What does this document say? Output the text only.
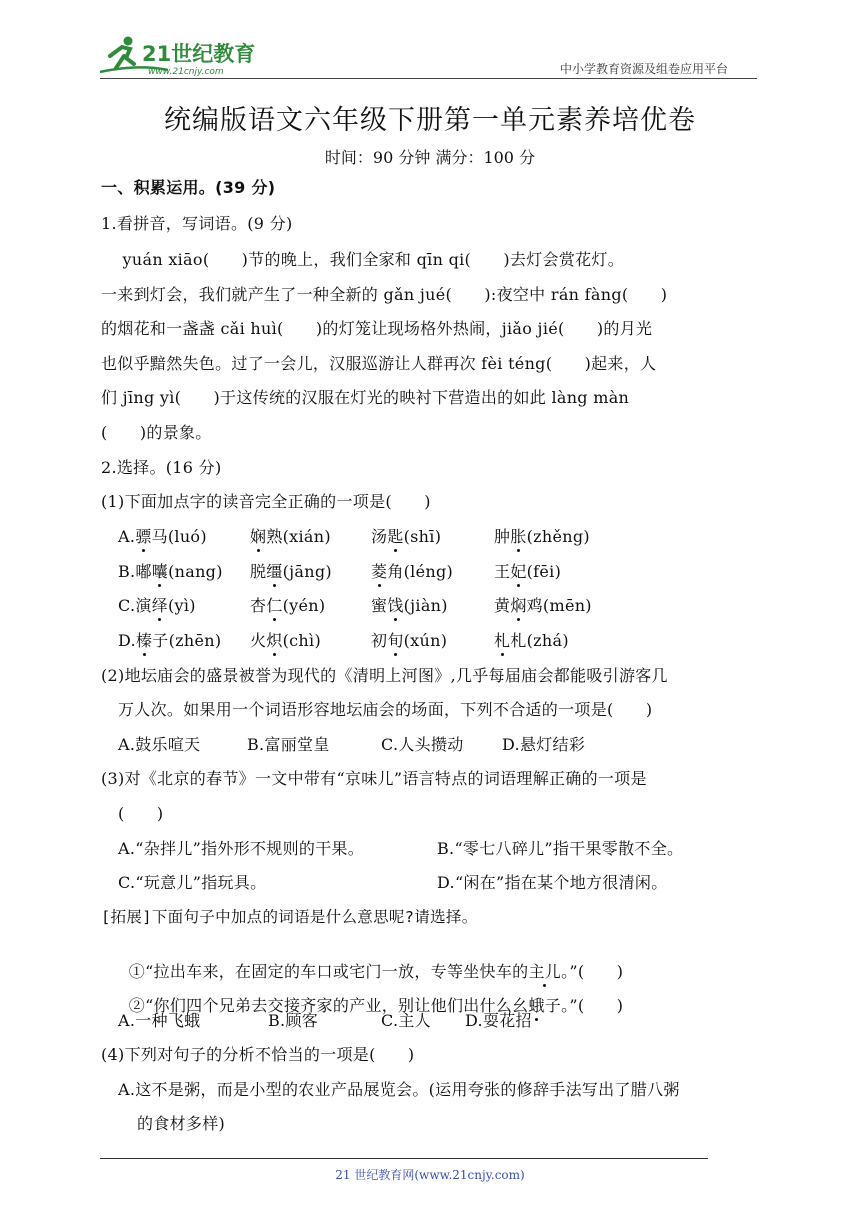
21世纪教育
www.21cnjy.com	中小学教育资源及组卷应用平台
统编版语文六年级下册第一单元素养培优卷
时间：90 分钟 满分：100 分
一、积累运用。(39 分)
1.看拼音，写词语。(9 分)
yuán xiāo(      )节的晚上，我们全家和 qīn qi(      )去灯会赏花灯。
一来到灯会，我们就产生了一种全新的 gǎn jué(      ):夜空中 rán fàng(      )
的烟花和一盏盏 cǎi huì(      )的灯笼让现场格外热闹，jiǎo jié(      )的月光
也似乎黯然失色。过了一会儿，汉服巡游让人群再次 fèi téng(      )起来，人
们 jīng yì(      )于这传统的汉服在灯光的映衬下营造出的如此 làng màn
(      )的景象。
2.选择。(16 分)
(1)下面加点字的读音完全正确的一项是(      )
A.骠马(luó)	娴熟(xián)	汤匙(shī)	肿胀(zhěng)
B.嘟囔(nang) 脱缰(jāng) 菱角(léng)	王妃(fēi)
C.演绎(yì)	杏仁(yén)	蜜饯(jiàn)	黄焖鸡(mēn)
D.榛子(zhēn) 火炽(chì)	初旬(xún)	札札(zhá)
(2)地坛庙会的盛景被誉为现代的《清明上河图》,几乎每届庙会都能吸引游客几
万人次。如果用一个词语形容地坛庙会的场面，下列不合适的一项是(      )
A.鼓乐喧天	B.富丽堂皇	C.人头攒动 D.悬灯结彩
(3)对《北京的春节》一文中带有“京味儿”语言特点的词语理解正确的一项是
(      )
A.“杂拌儿”指外形不规则的干果。	B.“零七八碎儿”指干果零散不全。
C.“玩意儿”指玩具。	D.“闲在”指在某个地方很清闲。
[拓展]下面句子中加点的词语是什么意思呢?请选择。

①“拉出车来，在固定的车口或宅门一放，专等坐快车的主儿。”(      )

②“你们四个兄弟去交接齐家的产业，别让他们出什么幺蛾子。”(      )

A.一种飞蛾	B.顾客	C.主人 D.耍花招
(4)下列对句子的分析不恰当的一项是(      )
A.这不是粥，而是小型的农业产品展览会。(运用夸张的修辞手法写出了腊八粥
的食材多样)
21 世纪教育网(www.21cnjy.com)
